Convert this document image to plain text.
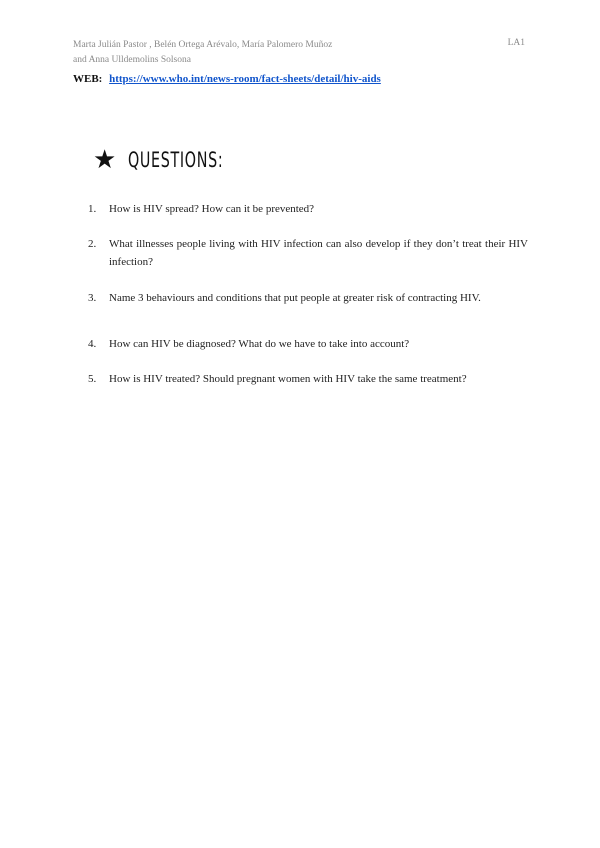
Marta Julián Pastor , Belén Ortega Arévalo, María Palomero Muñoz
and Anna Ulldemolins Solsona
LA1
WEB: https://www.who.int/news-room/fact-sheets/detail/hiv-aids
★ QUESTIONS:
1.	How is HIV spread? How can it be prevented?
2.	What illnesses people living with HIV infection can also develop if they don’t treat their HIV infection?
3.	Name 3 behaviours and conditions that put people at greater risk of contracting HIV.
4.	How can HIV be diagnosed? What do we have to take into account?
5.	How is HIV treated? Should pregnant women with HIV take the same treatment?
